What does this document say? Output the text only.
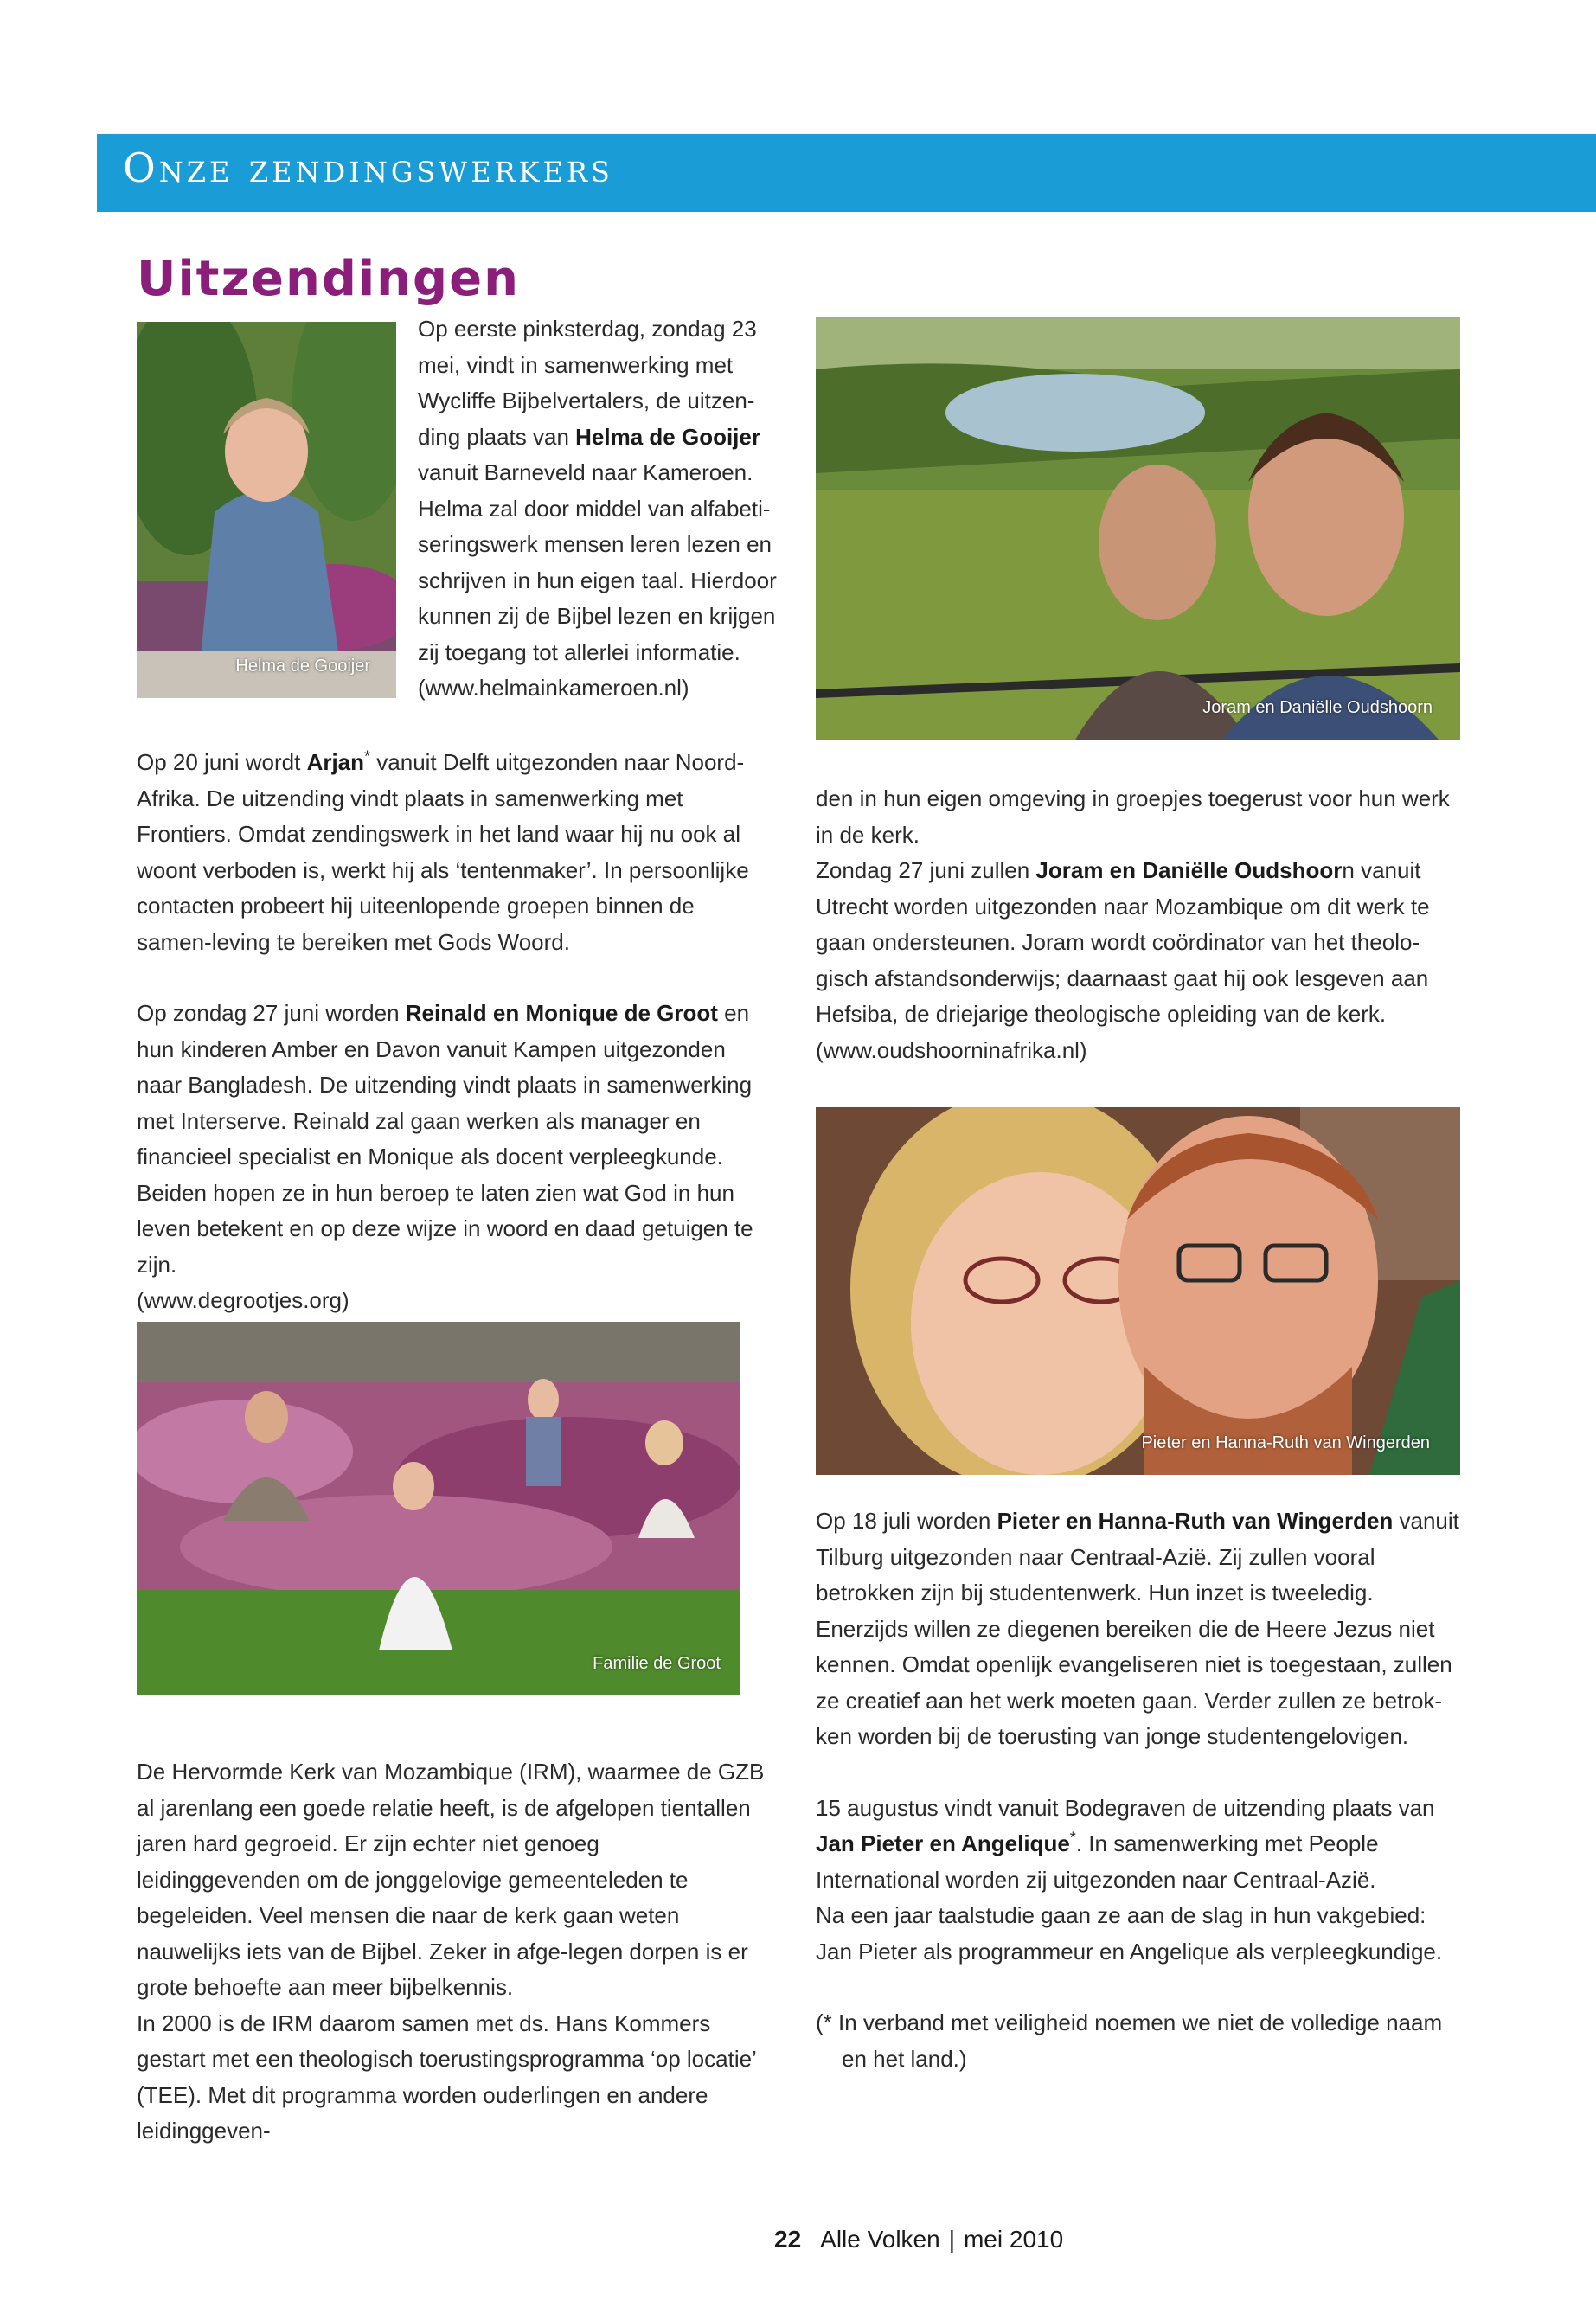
Onze zendingswerkers
Uitzendingen
Helma de Gooijer

Op eerste pinksterdag, zondag 23

mei, vindt in samenwerking met

Wycliffe Bijbelvertalers, de uitzen-

ding plaats van Helma de Gooijer

vanuit Barneveld naar Kameroen.

Helma zal door middel van alfabeti-

seringswerk mensen leren lezen en

schrijven in hun eigen taal. Hierdoor

kunnen zij de Bijbel lezen en krijgen

zij toegang tot allerlei informatie.

(www.helmainkameroen.nl)

Joram en Daniëlle Oudshoorn

Op 20 juni wordt Arjan* vanuit Delft uitgezonden naar Noord-Afrika. De uitzending vindt plaats in samenwerking met Frontiers. Omdat zendingswerk in het land waar hij nu ook al woont verboden is, werkt hij als ‘tentenmaker’. In persoonlijke contacten probeert hij uiteenlopende groepen binnen de samen-leving te bereiken met Gods Woord.

Op zondag 27 juni worden Reinald en Monique de Groot en hun kinderen Amber en Davon vanuit Kampen uitgezonden naar Bangladesh. De uitzending vindt plaats in samenwerking met Interserve. Reinald zal gaan werken als manager en financieel specialist en Monique als docent verpleegkunde. Beiden hopen ze in hun beroep te laten zien wat God in hun leven betekent en op deze wijze in woord en daad getuigen te zijn.

(www.degrootjes.org)

den in hun eigen omgeving in groepjes toegerust voor hun werk in de kerk.

Zondag 27 juni zullen Joram en Daniëlle Oudshoorn vanuit Utrecht worden uitgezonden naar Mozambique om dit werk te gaan ondersteunen. Joram wordt coördinator van het theolo-gisch afstandsonderwijs; daarnaast gaat hij ook lesgeven aan Hefsiba, de driejarige theologische opleiding van de kerk.

(www.oudshoorninafrika.nl)

Pieter en Hanna-Ruth van Wingerden
Familie de Groot

Op 18 juli worden Pieter en Hanna-Ruth van Wingerden vanuit Tilburg uitgezonden naar Centraal-Azië. Zij zullen vooral betrokken zijn bij studentenwerk. Hun inzet is tweeledig. Enerzijds willen ze diegenen bereiken die de Heere Jezus niet kennen. Omdat openlijk evangeliseren niet is toegestaan, zullen ze creatief aan het werk moeten gaan. Verder zullen ze betrok-ken worden bij de toerusting van jonge studentengelovigen.

15 augustus vindt vanuit Bodegraven de uitzending plaats van Jan Pieter en Angelique*. In samenwerking met People International worden zij uitgezonden naar Centraal-Azië.

Na een jaar taalstudie gaan ze aan de slag in hun vakgebied: Jan Pieter als programmeur en Angelique als verpleegkundige.

(* In verband met veiligheid noemen we niet de volledige naam

en het land.)

De Hervormde Kerk van Mozambique (IRM), waarmee de GZB al jarenlang een goede relatie heeft, is de afgelopen tientallen jaren hard gegroeid. Er zijn echter niet genoeg leidinggevenden om de jonggelovige gemeenteleden te begeleiden. Veel mensen die naar de kerk gaan weten nauwelijks iets van de Bijbel. Zeker in afge-legen dorpen is er grote behoefte aan meer bijbelkennis.

In 2000 is de IRM daarom samen met ds. Hans Kommers gestart met een theologisch toerustingsprogramma ‘op locatie’ (TEE). Met dit programma worden ouderlingen en andere leidinggeven-

22 Alle Volken | mei 2010
